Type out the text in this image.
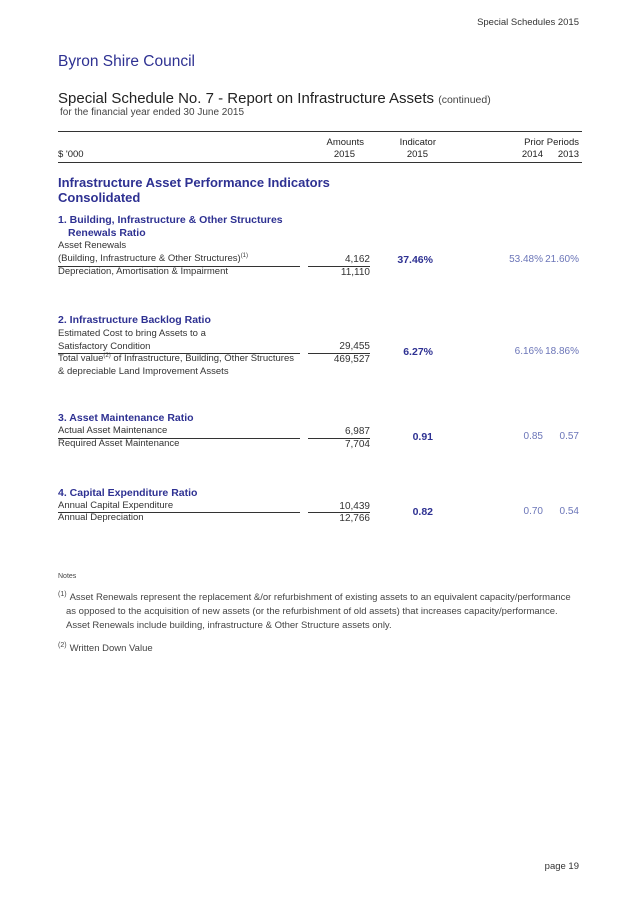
Special Schedules 2015
Byron Shire Council
Special Schedule No. 7 - Report on Infrastructure Assets (continued)
for the financial year ended 30 June 2015
Amounts	Indicator	Prior Periods
$ '000	2015	2015	2014 2013
Infrastructure Asset Performance Indicators
Consolidated
1. Building, Infrastructure & Other Structures
Renewals Ratio
Asset Renewals
(Building, Infrastructure & Other Structures)$^{(1)}$	4,162
Depreciation, Amortisation & Impairment	11,110
37.46%	53.48% 21.60%
2. Infrastructure Backlog Ratio
Estimated Cost to bring Assets to a
Satisfactory Condition	29,455
Total value$^{(2)}$ of Infrastructure, Building, Other Structures
& depreciable Land Improvement Assets
469,527
6.27%	6.16% 18.86%
3. Asset Maintenance Ratio
Actual Asset Maintenance	6,987
Required Asset Maintenance	7,704
0.91	0.85 0.57
4. Capital Expenditure Ratio
Annual Capital Expenditure	10,439
Annual Depreciation	12,766
0.82	0.70 0.54
Notes
$^{(1)}$ Asset Renewals represent the replacement &/or refurbishment of existing assets to an equivalent capacity/performance
as opposed to the acquisition of new assets (or the refurbishment of old assets) that increases capacity/performance.
Asset Renewals include building, infrastructure & Other Structure assets only.
$^{(2)}$ Written Down Value
page 19
